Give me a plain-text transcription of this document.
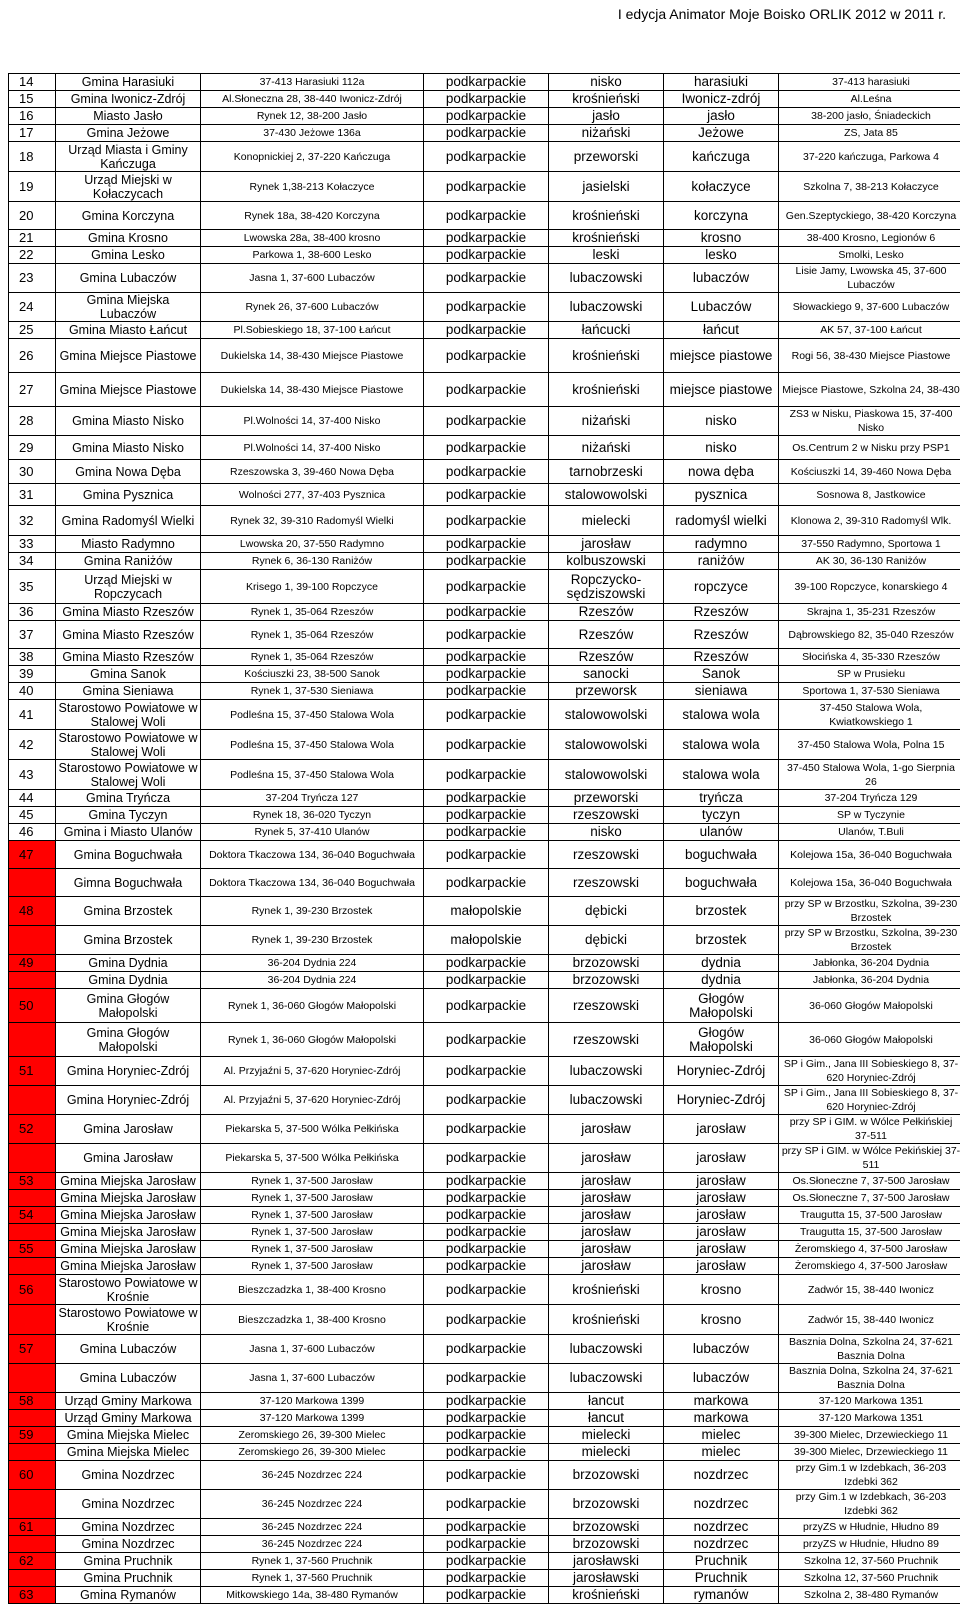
I edycja Animator Moje Boisko ORLIK 2012 w 2011 r.
14	Gmina Harasiuki	37-413 Harasiuki 112a	podkarpackie	nisko	harasiuki	37-413 harasiuki
15	Gmina Iwonicz-Zdrój	Al.Słoneczna 28, 38-440 Iwonicz-Zdrój	podkarpackie	krośnieński	Iwonicz-zdrój	Al.Leśna
16	Miasto Jasło	Rynek 12, 38-200 Jasło	podkarpackie	jasło	jasło	38-200 jasło, Śniadeckich
17	Gmina Jeżowe	37-430 Jeżowe 136a	podkarpackie	niżański	Jeżowe	ZS, Jata 85
18	Urząd Miasta i Gminy Kańczuga	Konopnickiej 2, 37-220 Kańczuga	podkarpackie	przeworski	kańczuga	37-220 kańczuga, Parkowa 4
19	Urząd Miejski w Kołaczycach	Rynek 1,38-213 Kołaczyce	podkarpackie	jasielski	kołaczyce	Szkolna 7, 38-213 Kołaczyce
20	Gmina Korczyna	Rynek 18a, 38-420 Korczyna	podkarpackie	krośnieński	korczyna	Gen.Szeptyckiego, 38-420 Korczyna
21	Gmina Krosno	Lwowska 28a, 38-400 krosno	podkarpackie	krośnieński	krosno	38-400 Krosno, Legionów 6
22	Gmina Lesko	Parkowa 1, 38-600 Lesko	podkarpackie	leski	lesko	Smolki, Lesko
23	Gmina Lubaczów	Jasna 1, 37-600 Lubaczów	podkarpackie	lubaczowski	lubaczów	Lisie Jamy, Lwowska 45, 37-600 Lubaczów
24	Gmina Miejska Lubaczów	Rynek 26, 37-600 Lubaczów	podkarpackie	lubaczowski	Lubaczów	Słowackiego 9, 37-600 Lubaczów
25	Gmina Miasto Łańcut	Pl.Sobieskiego 18, 37-100 Łańcut	podkarpackie	łańcucki	łańcut	AK 57, 37-100 Łańcut
26	Gmina Miejsce Piastowe	Dukielska 14, 38-430 Miejsce Piastowe	podkarpackie	krośnieński	miejsce piastowe	Rogi 56, 38-430 Miejsce Piastowe
27	Gmina Miejsce Piastowe	Dukielska 14, 38-430 Miejsce Piastowe	podkarpackie	krośnieński	miejsce piastowe	Miejsce Piastowe, Szkolna 24, 38-430
28	Gmina Miasto Nisko	Pl.Wolności 14, 37-400 Nisko	podkarpackie	niżański	nisko	ZS3 w Nisku, Piaskowa 15, 37-400 Nisko
29	Gmina Miasto Nisko	Pl.Wolności 14, 37-400 Nisko	podkarpackie	niżański	nisko	Os.Centrum 2 w Nisku przy PSP1
30	Gmina Nowa Dęba	Rzeszowska 3, 39-460 Nowa Dęba	podkarpackie	tarnobrzeski	nowa dęba	Kościuszki 14, 39-460 Nowa Dęba
31	Gmina Pysznica	Wolności 277, 37-403 Pysznica	podkarpackie	stalowowolski	pysznica	Sosnowa 8, Jastkowice
32	Gmina Radomyśl Wielki	Rynek 32, 39-310 Radomyśl Wielki	podkarpackie	mielecki	radomyśl wielki	Klonowa 2, 39-310 Radomyśl Wlk.
33	Miasto Radymno	Lwowska 20, 37-550 Radymno	podkarpackie	jarosław	radymno	37-550 Radymno, Sportowa 1
34	Gmina Raniżów	Rynek 6, 36-130 Raniżów	podkarpackie	kolbuszowski	raniżów	AK 30, 36-130 Raniżów
35	Urząd Miejski w Ropczycach	Krisego 1, 39-100 Ropczyce	podkarpackie	Ropczycko-sędziszowski	ropczyce	39-100 Ropczyce, konarskiego 4
36	Gmina Miasto Rzeszów	Rynek 1, 35-064 Rzeszów	podkarpackie	Rzeszów	Rzeszów	Skrajna 1, 35-231 Rzeszów
37	Gmina Miasto Rzeszów	Rynek 1, 35-064 Rzeszów	podkarpackie	Rzeszów	Rzeszów	Dąbrowskiego 82, 35-040 Rzeszów
38	Gmina Miasto Rzeszów	Rynek 1, 35-064 Rzeszów	podkarpackie	Rzeszów	Rzeszów	Słocińska 4, 35-330 Rzeszów
39	Gmina Sanok	Kościuszki 23, 38-500 Sanok	podkarpackie	sanocki	Sanok	SP w Prusieku
40	Gmina Sieniawa	Rynek 1, 37-530 Sieniawa	podkarpackie	przeworsk	sieniawa	Sportowa 1, 37-530 Sieniawa
41	Starostowo Powiatowe w Stalowej Woli	Podleśna 15, 37-450 Stalowa Wola	podkarpackie	stalowowolski	stalowa wola	37-450 Stalowa Wola, Kwiatkowskiego 1
42	Starostowo Powiatowe w Stalowej Woli	Podleśna 15, 37-450 Stalowa Wola	podkarpackie	stalowowolski	stalowa wola	37-450 Stalowa Wola, Polna 15
43	Starostowo Powiatowe w Stalowej Woli	Podleśna 15, 37-450 Stalowa Wola	podkarpackie	stalowowolski	stalowa wola	37-450 Stalowa Wola, 1-go Sierpnia 26
44	Gmina Tryńcza	37-204 Tryńcza 127	podkarpackie	przeworski	tryńcza	37-204 Tryńcza 129
45	Gmina Tyczyn	Rynek 18, 36-020 Tyczyn	podkarpackie	rzeszowski	tyczyn	SP w Tyczynie
46	Gmina i Miasto Ulanów	Rynek 5, 37-410 Ulanów	podkarpackie	nisko	ulanów	Ulanów, T.Buli
47	Gmina Boguchwała	Doktora Tkaczowa 134, 36-040 Boguchwała	podkarpackie	rzeszowski	boguchwała	Kolejowa 15a, 36-040 Boguchwała
	Gimna Boguchwała	Doktora Tkaczowa 134, 36-040 Boguchwała	podkarpackie	rzeszowski	boguchwała	Kolejowa 15a, 36-040 Boguchwała
48	Gmina Brzostek	Rynek 1, 39-230 Brzostek	małopolskie	dębicki	brzostek	przy SP w Brzostku, Szkolna, 39-230 Brzostek
	Gmina Brzostek	Rynek 1, 39-230 Brzostek	małopolskie	dębicki	brzostek	przy SP w Brzostku, Szkolna, 39-230 Brzostek
49	Gmina Dydnia	36-204 Dydnia 224	podkarpackie	brzozowski	dydnia	Jabłonka, 36-204 Dydnia
	Gmina Dydnia	36-204 Dydnia 224	podkarpackie	brzozowski	dydnia	Jabłonka, 36-204 Dydnia
50	Gmina Głogów Małopolski	Rynek 1, 36-060 Głogów Małopolski	podkarpackie	rzeszowski	Głogów Małopolski	36-060 Głogów Małopolski
	Gmina Głogów Małopolski	Rynek 1, 36-060 Głogów Małopolski	podkarpackie	rzeszowski	Głogów Małopolski	36-060 Głogów Małopolski
51	Gmina Horyniec-Zdrój	Al. Przyjaźni 5, 37-620 Horyniec-Zdrój	podkarpackie	lubaczowski	Horyniec-Zdrój	SP i Gim., Jana III Sobieskiego 8, 37-620 Horyniec-Zdrój
	Gmina Horyniec-Zdrój	Al. Przyjaźni 5, 37-620 Horyniec-Zdrój	podkarpackie	lubaczowski	Horyniec-Zdrój	SP i Gim., Jana III Sobieskiego 8, 37-620 Horyniec-Zdrój
52	Gmina Jarosław	Piekarska 5, 37-500 Wólka Pełkińska	podkarpackie	jarosław	jarosław	przy SP i GIM. w Wólce Pełkińskiej 37-511
	Gmina Jarosław	Piekarska 5, 37-500 Wólka Pełkińska	podkarpackie	jarosław	jarosław	przy SP i GIM. w Wólce Pekińskiej 37-511
53	Gmina Miejska Jarosław	Rynek 1, 37-500 Jarosław	podkarpackie	jarosław	jarosław	Os.Słoneczne 7, 37-500 Jarosław
	Gmina Miejska Jarosław	Rynek 1, 37-500 Jarosław	podkarpackie	jarosław	jarosław	Os.Słoneczne 7, 37-500 Jarosław
54	Gmina Miejska Jarosław	Rynek 1, 37-500 Jarosław	podkarpackie	jarosław	jarosław	Traugutta 15, 37-500 Jarosław
	Gmina Miejska Jarosław	Rynek 1, 37-500 Jarosław	podkarpackie	jarosław	jarosław	Traugutta 15, 37-500 Jarosław
55	Gmina Miejska Jarosław	Rynek 1, 37-500 Jarosław	podkarpackie	jarosław	jarosław	Żeromskiego 4, 37-500 Jarosław
	Gmina Miejska Jarosław	Rynek 1, 37-500 Jarosław	podkarpackie	jarosław	jarosław	Żeromskiego 4, 37-500 Jarosław
56	Starostowo Powiatowe w Krośnie	Bieszczadzka 1, 38-400 Krosno	podkarpackie	krośnieński	krosno	Zadwór 15, 38-440 Iwonicz
	Starostowo Powiatowe w Krośnie	Bieszczadzka 1, 38-400 Krosno	podkarpackie	krośnieński	krosno	Zadwór 15, 38-440 Iwonicz
57	Gmina Lubaczów	Jasna 1, 37-600 Lubaczów	podkarpackie	lubaczowski	lubaczów	Basznia Dolna, Szkolna 24, 37-621 Basznia Dolna
	Gmina Lubaczów	Jasna 1, 37-600 Lubaczów	podkarpackie	lubaczowski	lubaczów	Basznia Dolna, Szkolna 24, 37-621 Basznia Dolna
58	Urząd Gminy Markowa	37-120 Markowa 1399	podkarpackie	łancut	markowa	37-120 Markowa 1351
	Urząd Gminy Markowa	37-120 Markowa 1399	podkarpackie	łancut	markowa	37-120 Markowa 1351
59	Gmina Miejska Mielec	Zeromskiego 26, 39-300 Mielec	podkarpackie	mielecki	mielec	39-300 Mielec, Drzewieckiego 11
	Gmina Miejska Mielec	Zeromskiego 26, 39-300 Mielec	podkarpackie	mielecki	mielec	39-300 Mielec, Drzewieckiego 11
60	Gmina Nozdrzec	36-245 Nozdrzec 224	podkarpackie	brzozowski	nozdrzec	przy Gim.1 w Izdebkach, 36-203 Izdebki 362
	Gmina Nozdrzec	36-245 Nozdrzec 224	podkarpackie	brzozowski	nozdrzec	przy Gim.1 w Izdebkach, 36-203 Izdebki 362
61	Gmina Nozdrzec	36-245 Nozdrzec 224	podkarpackie	brzozowski	nozdrzec	przyZS w Hłudnie, Hłudno 89
	Gmina Nozdrzec	36-245 Nozdrzec 224	podkarpackie	brzozowski	nozdrzec	przyZS w Hłudnie, Hłudno 89
62	Gmina Pruchnik	Rynek 1, 37-560 Pruchnik	podkarpackie	jarosławski	Pruchnik	Szkolna 12, 37-560 Pruchnik
	Gmina Pruchnik	Rynek 1, 37-560 Pruchnik	podkarpackie	jarosławski	Pruchnik	Szkolna 12, 37-560 Pruchnik
63	Gmina Rymanów	Mitkowskiego 14a, 38-480 Rymanów	podkarpackie	krośnieński	rymanów	Szkolna 2, 38-480 Rymanów
